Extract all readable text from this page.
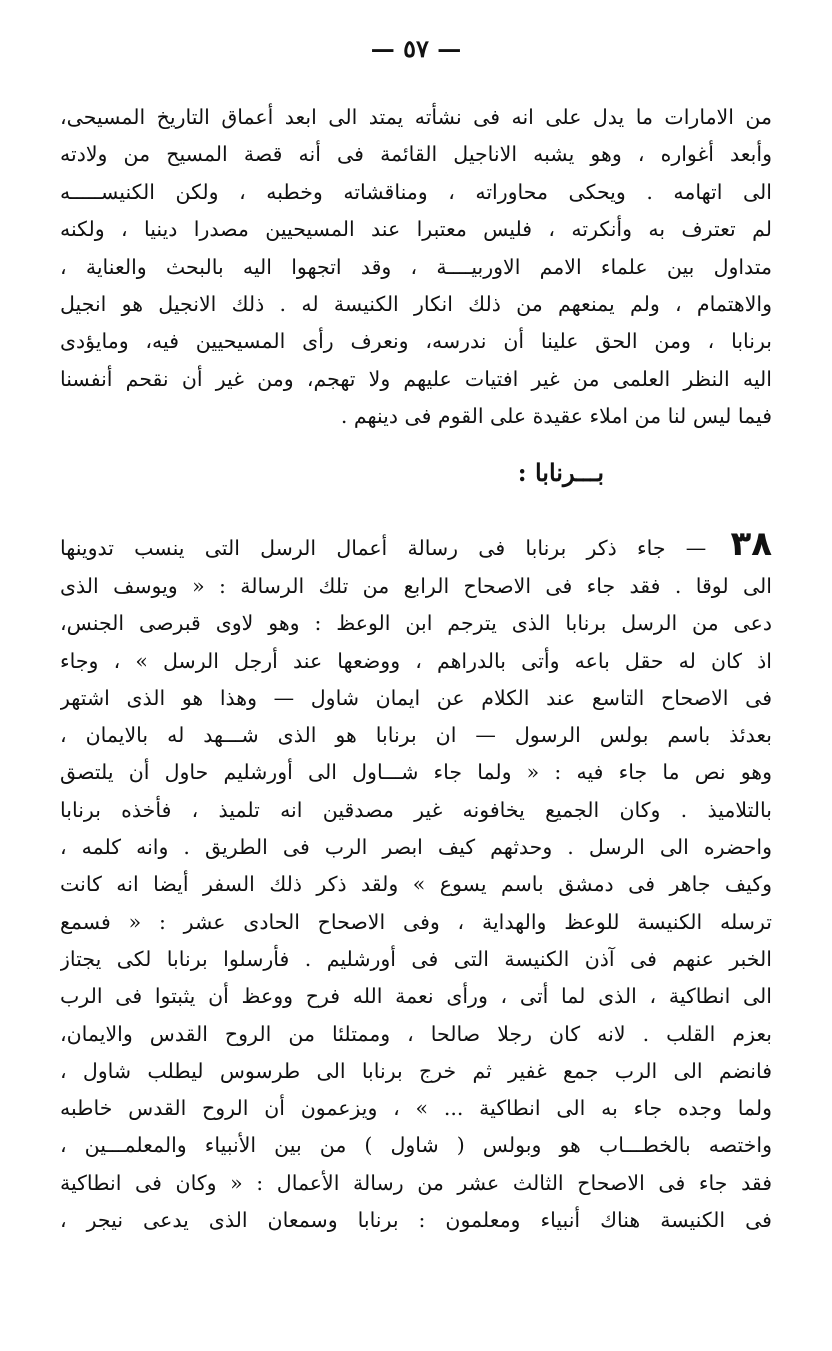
— ٥٧ —
من الامارات ما يدل على انه فى نشأته يمتد الى ابعد أعماق التاريخ المسيحى،
وأبعد أغواره ، وهو يشبه الاناجيل القائمة فى أنه قصة المسيح من ولادته
الى اتهامه . ويحكى محاوراته ، ومناقشاته وخطبه ، ولكن الكنيســـــه
لم تعترف به وأنكرته ، فليس معتبرا عند المسيحيين مصدرا دينيا ، ولكنه
متداول بين علماء الامم الاوربيــــة ، وقد اتجهوا اليه بالبحث والعناية ،
والاهتمام ، ولم يمنعهم من ذلك انكار الكنيسة له . ذلك الانجيل هو انجيل
برنابا ، ومن الحق علينا أن ندرسه، ونعرف رأى المسيحيين فيه، ومايؤدى
اليه النظر العلمى من غير افتيات عليهم ولا تهجم، ومن غير أن نقحم أنفسنا
فيما ليس لنا من املاء عقيدة على القوم فى دينهم .
بـــرنابا :
٣٨ — جاء ذكر برنابا فى رسالة أعمال الرسل التى ينسب تدوينها
الى لوقا . فقد جاء فى الاصحاح الرابع من تلك الرسالة : « ويوسف الذى
دعى من الرسل برنابا الذى يترجم ابن الوعظ : وهو لاوى قبرصى الجنس،
اذ كان له حقل باعه وأتى بالدراهم ، ووضعها عند أرجل الرسل » ، وجاء
فى الاصحاح التاسع عند الكلام عن ايمان شاول — وهذا هو الذى اشتهر
بعدئذ باسم بولس الرسول — ان برنابا هو الذى شـــهد له بالايمان ،
وهو نص ما جاء فيه : « ولما جاء شـــاول الى أورشليم حاول أن يلتصق
بالتلاميذ . وكان الجميع يخافونه غير مصدقين انه تلميذ ، فأخذه برنابا
واحضره الى الرسل . وحدثهم كيف ابصر الرب فى الطريق . وانه كلمه ،
وكيف جاهر فى دمشق باسم يسوع » ولقد ذكر ذلك السفر أيضا انه كانت
ترسله الكنيسة للوعظ والهداية ، وفى الاصحاح الحادى عشر : « فسمع
الخبر عنهم فى آذن الكنيسة التى فى أورشليم . فأرسلوا برنابا لكى يجتاز
الى انطاكية ، الذى لما أتى ، ورأى نعمة الله فرح ووعظ أن يثبتوا فى الرب
بعزم القلب . لانه كان رجلا صالحا ، وممتلئا من الروح القدس والايمان،
فانضم الى الرب جمع غفير ثم خرج برنابا الى طرسوس ليطلب شاول ،
ولما وجده جاء به الى انطاكية ... » ، ويزعمون أن الروح القدس خاطبه
واختصه بالخطـــاب هو وبولس ( شاول ) من بين الأنبياء والمعلمـــين ،
فقد جاء فى الاصحاح الثالث عشر من رسالة الأعمال : « وكان فى انطاكية
فى الكنيسة هناك أنبياء ومعلمون : برنابا وسمعان الذى يدعى نيجر ،
